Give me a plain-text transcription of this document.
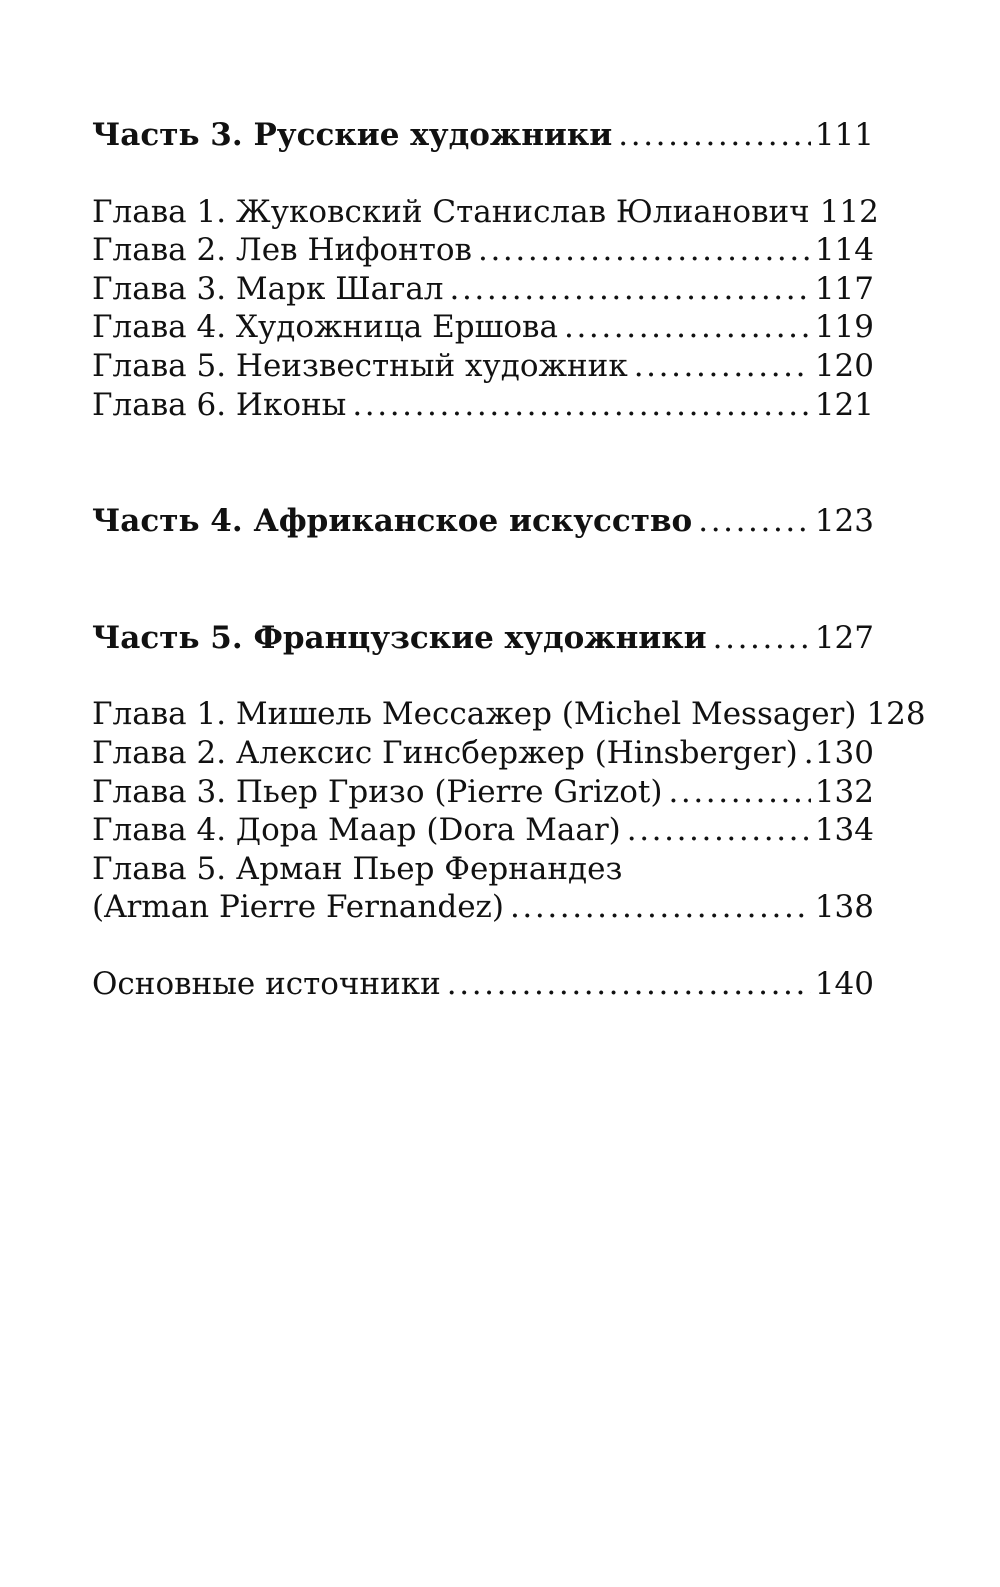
Часть 3. Русские художники .....	111
Глава 1. Жуковский Станислав Юлианович 112
Глава 2. Лев Нифонтов .....	114
Глава 3. Марк Шагал .....	117
Глава 4. Художница Ершова .....	119
Глава 5. Неизвестный художник .....	120
Глава 6. Иконы .....	121
Часть 4. Африканское искусство .....	123
Часть 5. Французские художники .....	127
Глава 1. Мишель Мессажер (Michel Messager) 128
Глава 2. Алексис Гинсбержер (Hinsberger) ..... 130
Глава 3. Пьер Гризо (Pierre Grizot) .....	132
Глава 4. Дора Маар (Dora Maar) .....	134
Глава 5. Арман Пьер Фернандез
(Arman Pierre Fernandez) .....	138
Основные источники .....	140
